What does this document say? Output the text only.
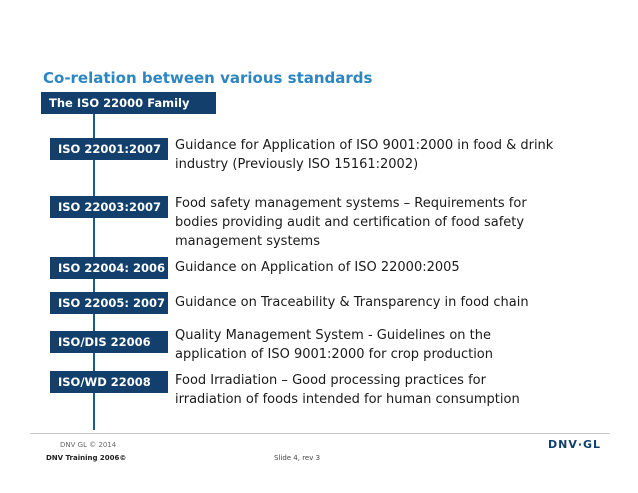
Co-relation between various standards
The ISO 22000 Family
ISO 22001:2007	Guidance for Application of ISO 9001:2000 in food & drink
industry (Previously ISO 15161:2002)
ISO 22003:2007	Food safety management systems – Requirements for
bodies providing audit and certification of food safety
management systems
ISO 22004: 2006 Guidance on Application of ISO 22000:2005
ISO 22005: 2007 Guidance on Traceability & Transparency in food chain
ISO/DIS 22006	Quality Management System - Guidelines on the
application of ISO 9001:2000 for crop production
ISO/WD 22008	Food Irradiation – Good processing practices for
irradiation of foods intended for human consumption
DNV GL © 2014
DNV Training 2006©	Slide 4, rev 3
DNV·GL
